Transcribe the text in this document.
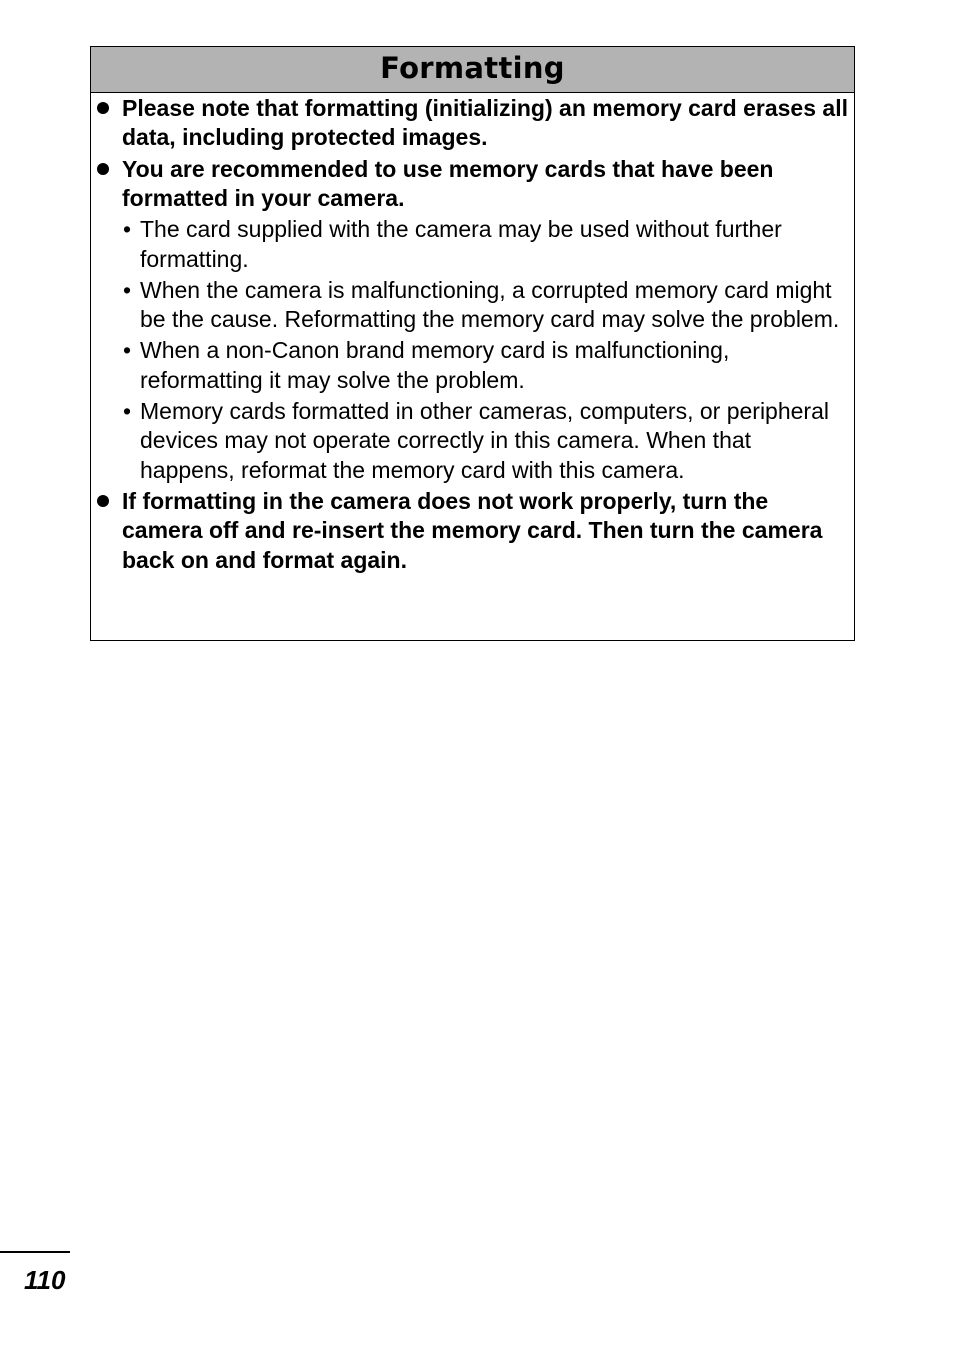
Formatting
Please note that formatting (initializing) an memory card erases all data, including protected images.
You are recommended to use memory cards that have been formatted in your camera.
• The card supplied with the camera may be used without further formatting.
• When the camera is malfunctioning, a corrupted memory card might be the cause. Reformatting the memory card may solve the problem.
• When a non-Canon brand memory card is malfunctioning, reformatting it may solve the problem.
• Memory cards formatted in other cameras, computers, or peripheral devices may not operate correctly in this camera. When that happens, reformat the memory card with this camera.
If formatting in the camera does not work properly, turn the camera off and re-insert the memory card. Then turn the camera back on and format again.
110
